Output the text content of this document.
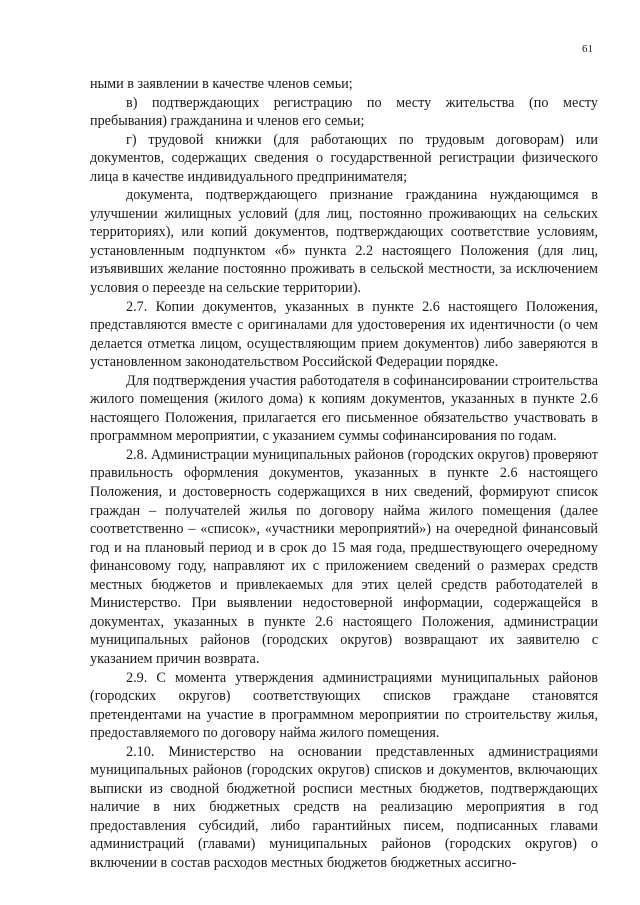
61

ными в заявлении в качестве членов семьи;

в) подтверждающих регистрацию по месту жительства (по месту пребывания) гражданина и членов его семьи;

г) трудовой книжки (для работающих по трудовым договорам) или документов, содержащих сведения о государственной регистрации физического лица в качестве индивидуального предпринимателя;

документа, подтверждающего признание гражданина нуждающимся в улучшении жилищных условий (для лиц, постоянно проживающих на сельских территориях), или копий документов, подтверждающих соответствие условиям, установленным подпунктом «б» пункта 2.2 настоящего Положения (для лиц, изъявивших желание постоянно проживать в сельской местности, за исключением условия о переезде на сельские территории).

2.7. Копии документов, указанных в пункте 2.6 настоящего Положения, представляются вместе с оригиналами для удостоверения их идентичности (о чем делается отметка лицом, осуществляющим прием документов) либо заверяются в установленном законодательством Российской Федерации порядке.

Для подтверждения участия работодателя в софинансировании строительства жилого помещения (жилого дома) к копиям документов, указанных в пункте 2.6 настоящего Положения, прилагается его письменное обязательство участвовать в программном мероприятии, с указанием суммы софинансирования по годам.

2.8. Администрации муниципальных районов (городских округов) проверяют правильность оформления документов, указанных в пункте 2.6 настоящего Положения, и достоверность содержащихся в них сведений, формируют список граждан – получателей жилья по договору найма жилого помещения (далее соответственно – «список», «участники мероприятий») на очередной финансовый год и на плановый период и в срок до 15 мая года, предшествующего очередному финансовому году, направляют их с приложением сведений о размерах средств местных бюджетов и привлекаемых для этих целей средств работодателей в Министерство. При выявлении недостоверной информации, содержащейся в документах, указанных в пункте 2.6 настоящего Положения, администрации муниципальных районов (городских округов) возвращают их заявителю с указанием причин возврата.

2.9. С момента утверждения администрациями муниципальных районов (городских округов) соответствующих списков граждане становятся претендентами на участие в программном мероприятии по строительству жилья, предоставляемого по договору найма жилого помещения.

2.10. Министерство на основании представленных администрациями муниципальных районов (городских округов) списков и документов, включающих выписки из сводной бюджетной росписи местных бюджетов, подтверждающих наличие в них бюджетных средств на реализацию мероприятия в год предоставления субсидий, либо гарантийных писем, подписанных главами администраций (главами) муниципальных районов (городских округов) о включении в состав расходов местных бюджетов бюджетных ассигно-
